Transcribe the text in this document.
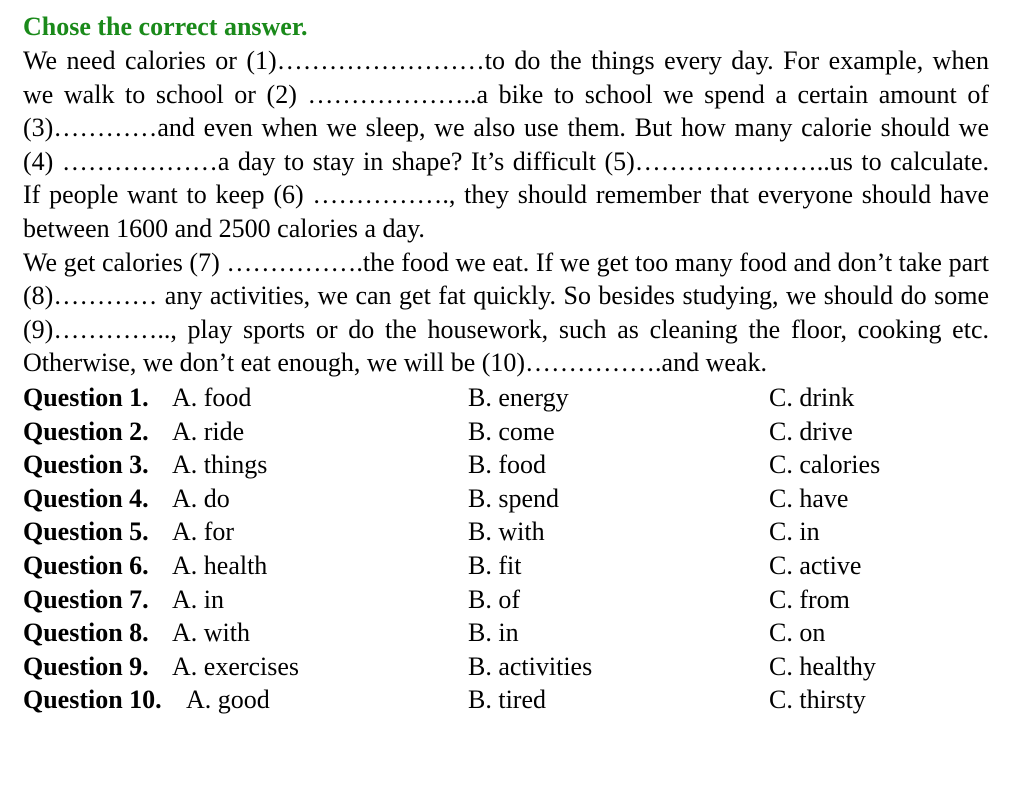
Chose the correct answer.
We need calories or (1)……………………to do the things every day. For example, when we walk to school or (2) ………………..a bike to school we spend a certain amount of (3)…………and even when we sleep, we also use them. But how many calorie should we (4) ………………a day to stay in shape? It’s difficult (5)…………………..us to calculate. If people want to keep (6) ……………., they should remember that everyone should have between 1600 and 2500 calories a day.
We get calories (7) …………….the food we eat. If we get too many food and don’t take part (8)………… any activities, we can get fat quickly. So besides studying, we should do some (9)………….., play sports or do the housework, such as cleaning the floor, cooking etc. Otherwise, we don’t eat enough, we will be (10)…………….and weak.
Question 1. A. food	B. energy	C. drink
Question 2. A. ride	B. come	C. drive
Question 3. A. things	B. food	C. calories
Question 4. A. do	B. spend	C. have
Question 5. A. for	B. with	C. in
Question 6. A. health	B. fit	C. active
Question 7. A. in	B. of	C. from
Question 8. A. with	B. in	C. on
Question 9. A. exercises	B. activities	C. healthy
Question 10. A. good	B. tired	C. thirsty
